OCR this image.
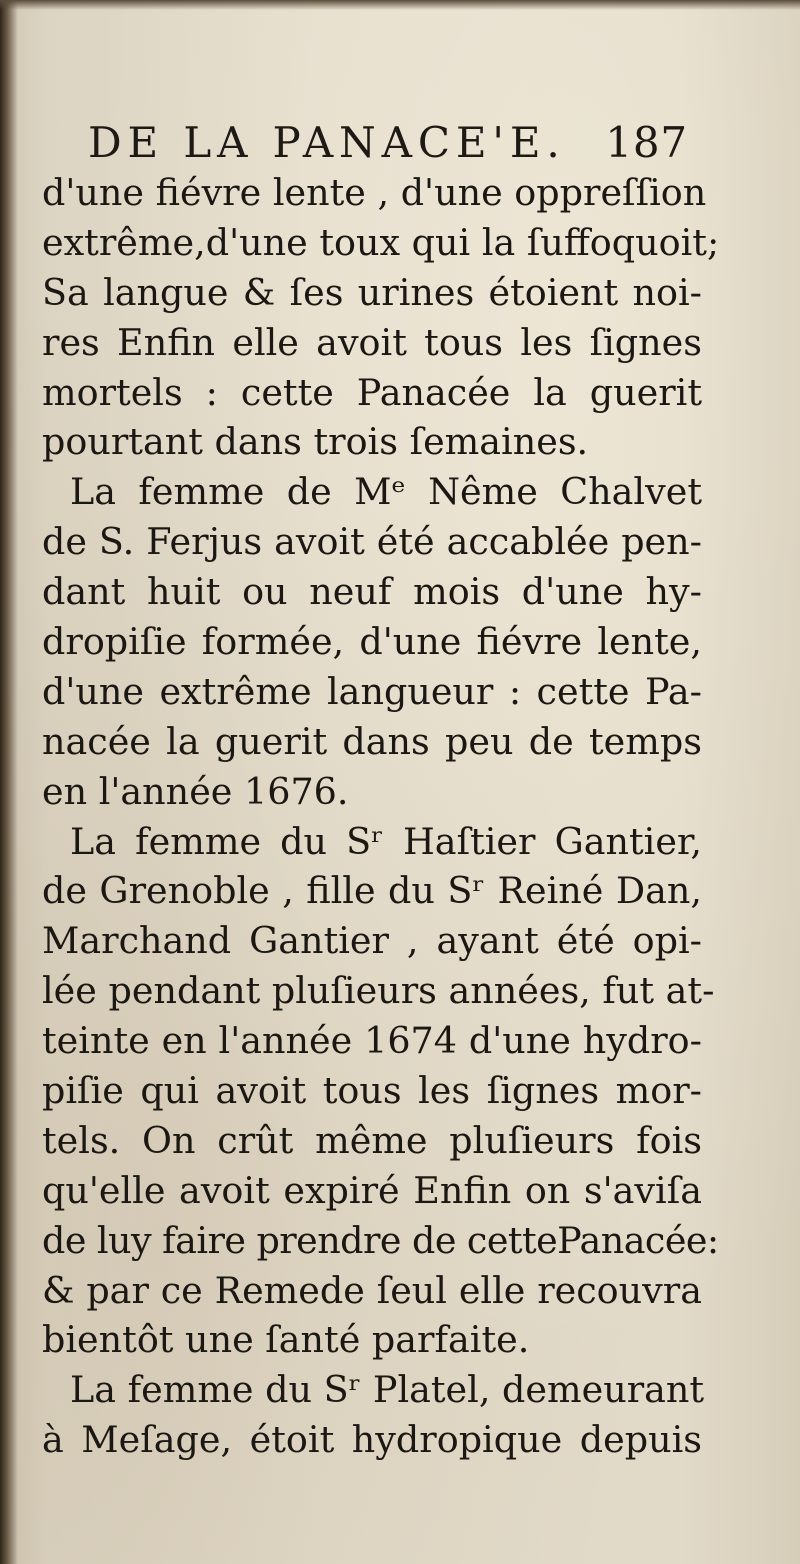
DE LA PANACE'E. 187
d'une fiévre lente , d'une oppreſſion
extrême,d'une toux qui la ſuffoquoit;
Sa langue & ſes urines étoient noi-
res Enfin elle avoit tous les ſignes
mortels : cette Panacée la guerit
pourtant dans trois ſemaines.
La femme de Mᵉ Nême Chalvet
de S. Ferjus avoit été accablée pen-
dant huit ou neuf mois d'une hy-
dropiſie formée, d'une fiévre lente,
d'une extrême langueur : cette Pa-
nacée la guerit dans peu de temps
en l'année 1676.
La femme du Sʳ Haſtier Gantier,
de Grenoble , fille du Sʳ Reiné Dan,
Marchand Gantier , ayant été opi-
lée pendant pluſieurs années, fut at-
teinte en l'année 1674 d'une hydro-
piſie qui avoit tous les ſignes mor-
tels. On crût même pluſieurs fois
qu'elle avoit expiré Enfin on s'aviſa
de luy faire prendre de cettePanacée:
& par ce Remede ſeul elle recouvra
bientôt une ſanté parfaite.
La femme du Sʳ Platel, demeurant
à Meſage, étoit hydropique depuis
